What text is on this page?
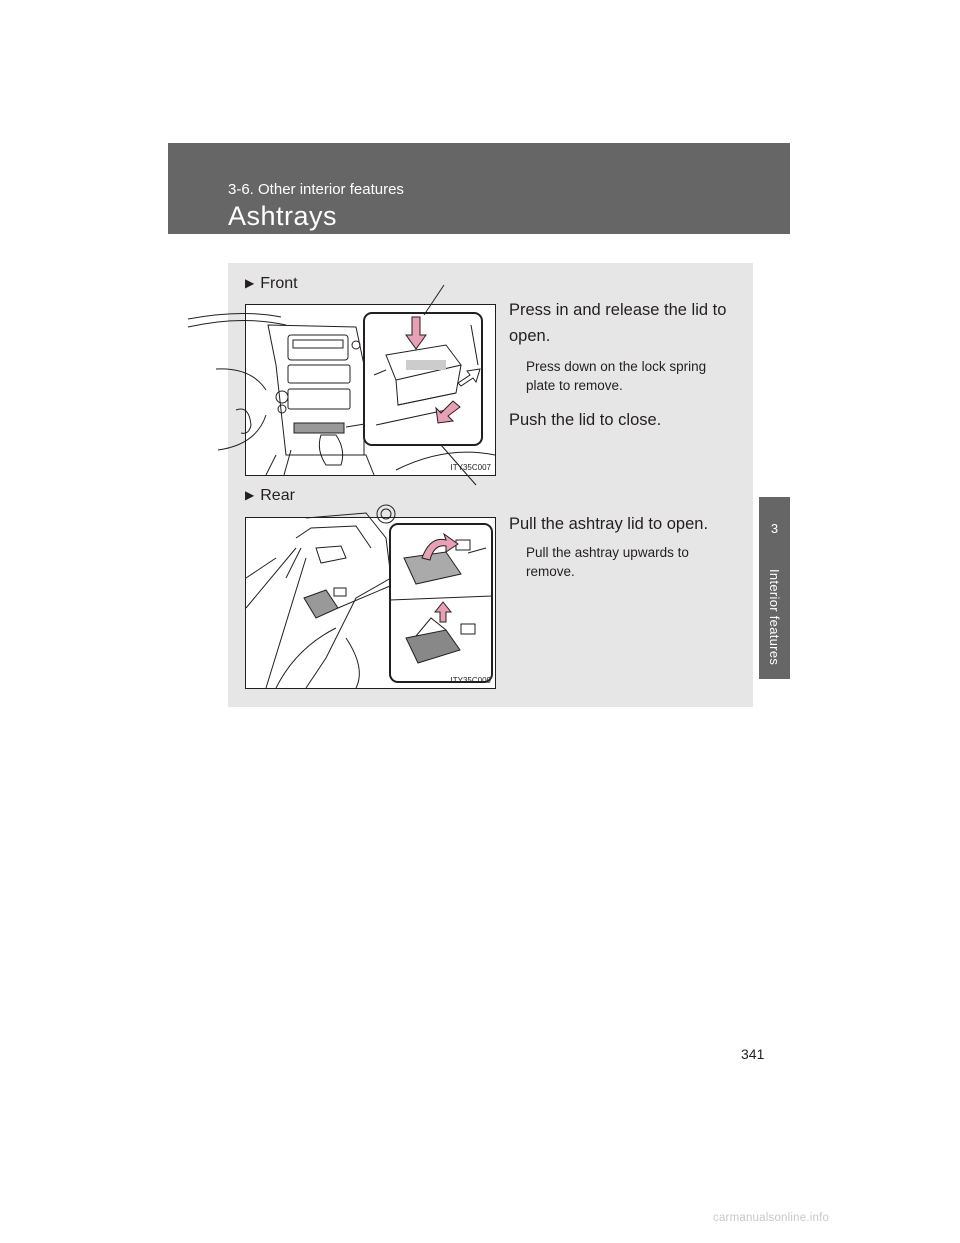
3-6. Other interior features
Ashtrays
3
Interior features
▶ Front
ITY35C007
Press in and release the lid to open.
Press down on the lock spring plate to remove.
Push the lid to close.
▶ Rear
ITY35C009
Pull the ashtray lid to open.
Pull the ashtray upwards to remove.
341
carmanualsonline.info
